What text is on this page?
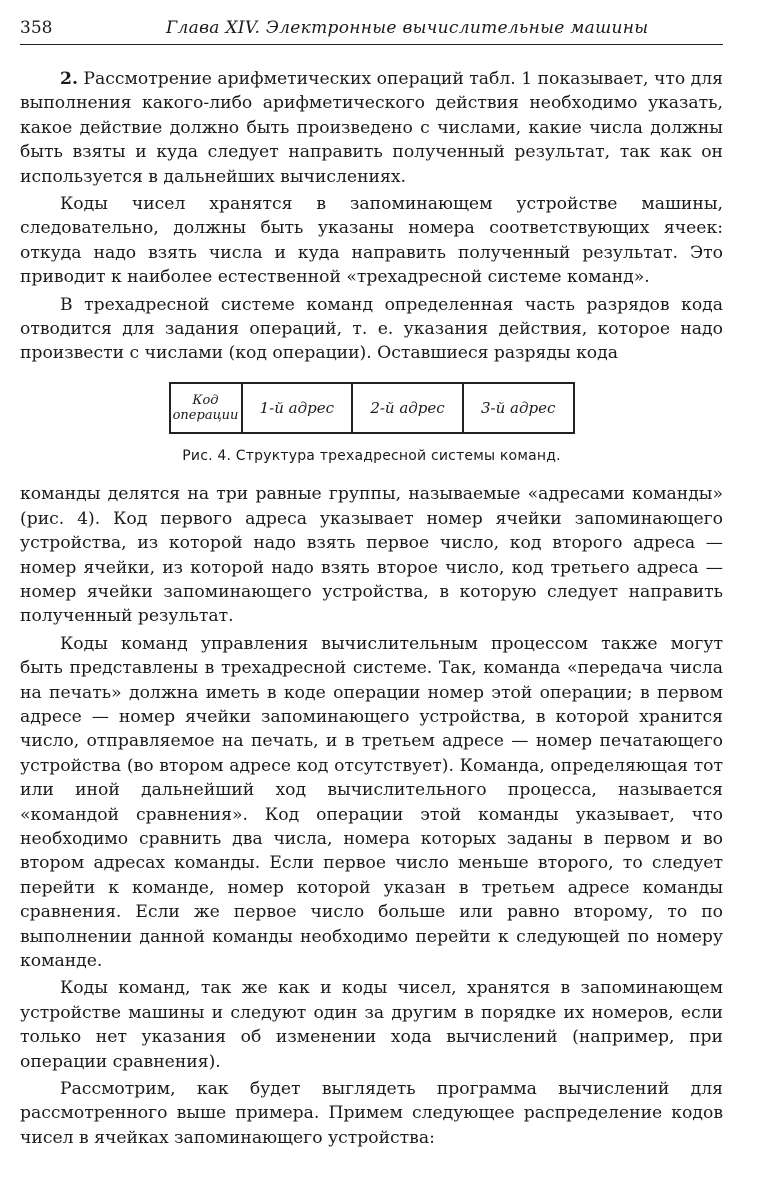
358	Глава XIV. Электронные вычислительные машины

2. Рассмотрение арифметических операций табл. 1 показывает, что для выполнения какого-либо арифметического действия необходимо указать, какое действие должно быть произведено с числами, какие числа должны быть взяты и куда следует направить полученный результат, так как он используется в дальнейших вычислениях.

Коды чисел хранятся в запоминающем устройстве машины, следовательно, должны быть указаны номера соответствующих ячеек: откуда надо взять числа и куда направить полученный результат. Это приводит к наиболее естественной «трехадресной системе команд».

В трехадресной системе команд определенная часть разрядов кода отводится для задания операций, т. е. указания действия, которое надо произвести с числами (код операции). Оставшиеся разряды кода

Код
операции	1-й адрес	2-й адрес	3-й адрес
Рис. 4. Структура трехадресной системы команд.

команды делятся на три равные группы, называемые «адресами команды» (рис. 4). Код первого адреса указывает номер ячейки запоминающего устройства, из которой надо взять первое число, код второго адреса — номер ячейки, из которой надо взять второе число, код третьего адреса — номер ячейки запоминающего устройства, в которую следует направить полученный результат.

Коды команд управления вычислительным процессом также могут быть представлены в трехадресной системе. Так, команда «передача числа на печать» должна иметь в коде операции номер этой операции; в первом адресе — номер ячейки запоминающего устройства, в которой хранится число, отправляемое на печать, и в третьем адресе — номер печатающего устройства (во втором адресе код отсутствует). Команда, определяющая тот или иной дальнейший ход вычислительного процесса, называется «командой сравнения». Код операции этой команды указывает, что необходимо сравнить два числа, номера которых заданы в первом и во втором адресах команды. Если первое число меньше второго, то следует перейти к команде, номер которой указан в третьем адресе команды сравнения. Если же первое число больше или равно второму, то по выполнении данной команды необходимо перейти к следующей по номеру команде.

Коды команд, так же как и коды чисел, хранятся в запоминающем устройстве машины и следуют один за другим в порядке их номеров, если только нет указания об изменении хода вычислений (например, при операции сравнения).

Рассмотрим, как будет выглядеть программа вычислений для рассмотренного выше примера. Примем следующее распределение кодов чисел в ячейках запоминающего устройства:
